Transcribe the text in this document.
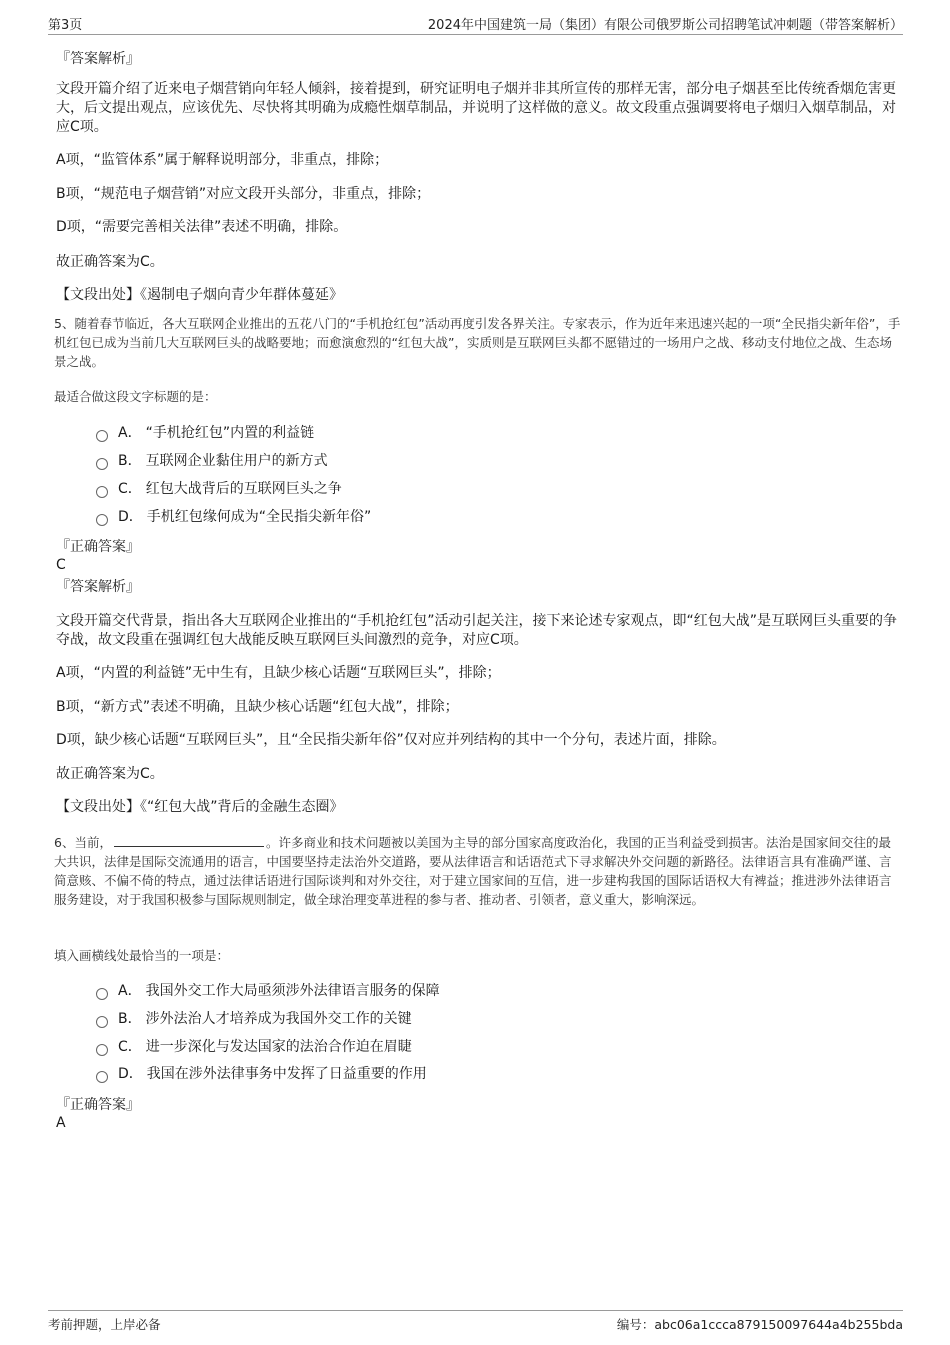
第3页	2024年中国建筑一局（集团）有限公司俄罗斯公司招聘笔试冲刺题（带答案解析）
『答案解析』
文段开篇介绍了近来电子烟营销向年轻人倾斜，接着提到，研究证明电子烟并非其所宣传的那样无害，部分电子烟甚至比传统香烟危害更大，后文提出观点，应该优先、尽快将其明确为成瘾性烟草制品，并说明了这样做的意义。故文段重点强调要将电子烟归入烟草制品，对应C项。
A项，“监管体系”属于解释说明部分，非重点，排除；
B项，“规范电子烟营销”对应文段开头部分，非重点，排除；
D项，“需要完善相关法律”表述不明确，排除。
故正确答案为C。
【文段出处】《遏制电子烟向青少年群体蔓延》
5、随着春节临近，各大互联网企业推出的五花八门的“手机抢红包”活动再度引发各界关注。专家表示，作为近年来迅速兴起的一项“全民指尖新年俗”，手机红包已成为当前几大互联网巨头的战略要地；而愈演愈烈的“红包大战”，实质则是互联网巨头都不愿错过的一场用户之战、移动支付地位之战、生态场景之战。
最适合做这段文字标题的是：
A． “手机抢红包”内置的利益链
B． 互联网企业黏住用户的新方式
C． 红包大战背后的互联网巨头之争
D． 手机红包缘何成为“全民指尖新年俗”
『正确答案』
C
『答案解析』
文段开篇交代背景，指出各大互联网企业推出的“手机抢红包”活动引起关注，接下来论述专家观点，即“红包大战”是互联网巨头重要的争夺战，故文段重在强调红包大战能反映互联网巨头间激烈的竞争，对应C项。
A项，“内置的利益链”无中生有，且缺少核心话题“互联网巨头”，排除；
B项，“新方式”表述不明确，且缺少核心话题“红包大战”，排除；
D项，缺少核心话题“互联网巨头”，且“全民指尖新年俗”仅对应并列结构的其中一个分句，表述片面，排除。
故正确答案为C。
【文段出处】《“红包大战”背后的金融生态圈》
6、当前，	。许多商业和技术问题被以美国为主导的部分国家高度政治化，我国的正当利益受到损害。法治是国家间交往的最大共识，法律是国际交流通用的语言，中国要坚持走法治外交道路，要从法律语言和话语范式下寻求解决外交问题的新路径。法律语言具有准确严谨、言简意赅、不偏不倚的特点，通过法律话语进行国际谈判和对外交往，对于建立国家间的互信，进一步建构我国的国际话语权大有裨益；推进涉外法律语言服务建设，对于我国积极参与国际规则制定，做全球治理变革进程的参与者、推动者、引领者，意义重大，影响深远。
填入画横线处最恰当的一项是：
A． 我国外交工作大局亟须涉外法律语言服务的保障
B． 涉外法治人才培养成为我国外交工作的关键
C． 进一步深化与发达国家的法治合作迫在眉睫
D． 我国在涉外法律事务中发挥了日益重要的作用
『正确答案』
A
考前押题，上岸必备	编号：abc06a1ccca879150097644a4b255bda
